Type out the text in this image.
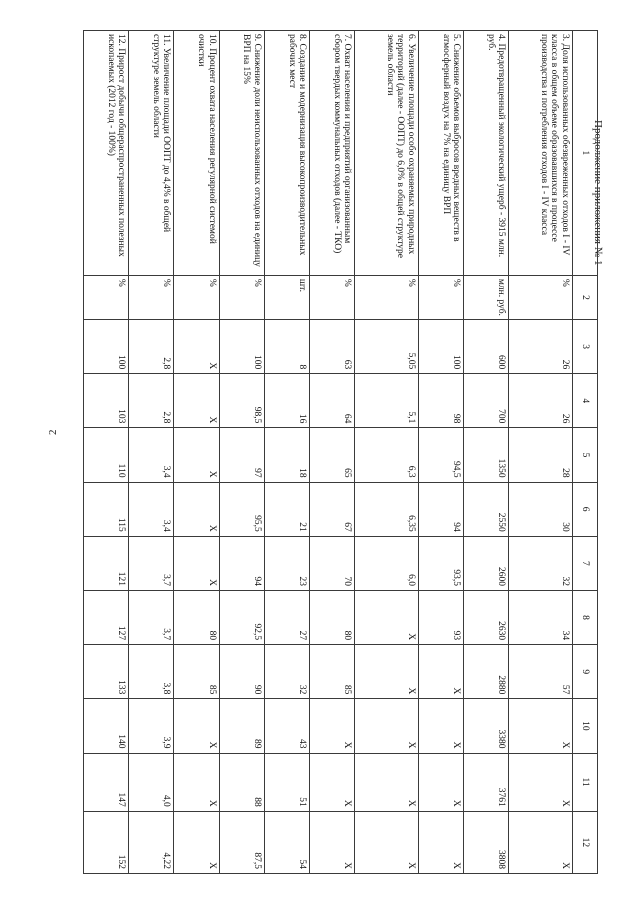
2
Продолжение приложения № 1
1	2	3	4	5	6	7	8	9	10	11	12
3. Доля использованных обезвреженных отходов I - IV класса в общем объеме образовавшихся в процессе производства и потребления отходов I - IV класса	%	26	26	28	30	32	34	57	X	X	X
4. Предотвращенный экологический ущерб - 3915 млн. руб.	млн. руб.	600	700	1350	2550	2600	2630	2880	3380	3761	3808
5. Снижение объемов выбросов вредных веществ в атмосферный воздух на 7% на единицу ВРП	%	100	98	94,5	94	93,5	93	X	X	X	X
6. Увеличение площади особо охраняемых природных территорий (далее - ООПТ) до 6,0% в общей структуре земель области	%	5,05	5,1	6,3	6,35	6,0	X	X	X	X	X
7. Охват населения и предприятий организованным сбором твердых коммунальных отходов (далее - ТКО)	%	63	64	65	67	70	80	85	X	X	X
8. Создание и модернизация высокопроизводительных рабочих мест	шт.	8	16	18	21	23	27	32	43	51	54
9. Снижение доли неиспользованных отходов на единицу ВРП на 15%	%	100	98,5	97	95,5	94	92,5	90	89	88	87,5
10. Процент охвата населения регулярной системой очистки	%	X	X	X	X	X	80	85	X	X	X
11. Увеличение площади ООПТ до 4,4% в общей структуре земель области	%	2,8	2,8	3,4	3,4	3,7	3,7	3,8	3,9	4,0	4,22
12. Прирост добычи общераспространенных полезных ископаемых (2012 год - 100%)	%	100	103	110	115	121	127	133	140	147	152
